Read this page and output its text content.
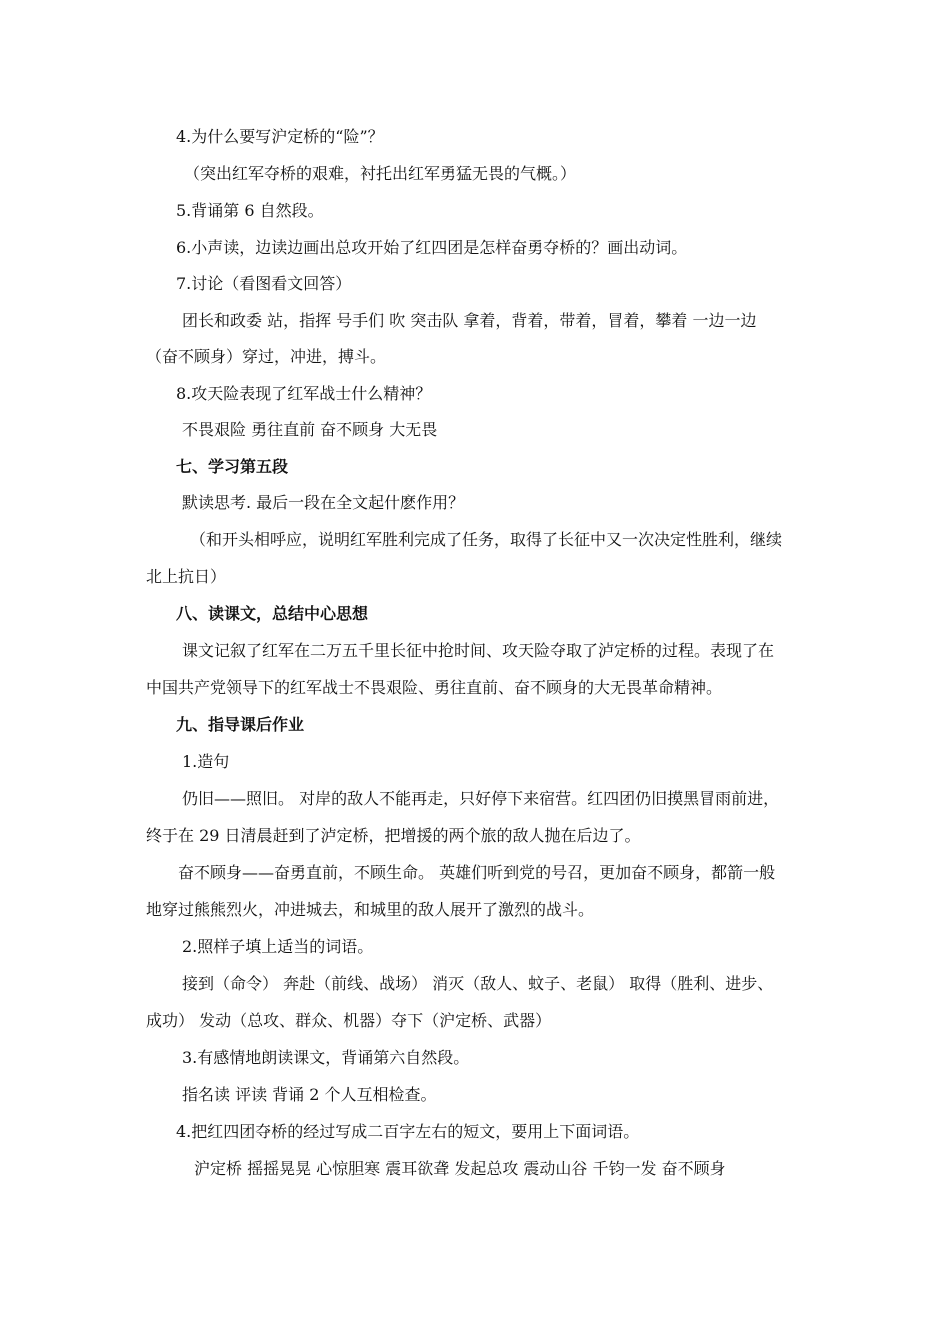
4.为什么要写沪定桥的“险”？
（突出红军夺桥的艰难，衬托出红军勇猛无畏的气概。）
5.背诵第 6 自然段。
6.小声读，边读边画出总攻开始了红四团是怎样奋勇夺桥的？画出动词。
7.讨论（看图看文回答）
团长和政委 站，指挥 号手们 吹 突击队 拿着，背着，带着，冒着，攀着 一边一边
（奋不顾身）穿过，冲进，搏斗。
8.攻天险表现了红军战士什么精神？
不畏艰险 勇往直前 奋不顾身 大无畏
七、学习第五段
默读思考. 最后一段在全文起什麽作用？
（和开头相呼应，说明红军胜利完成了任务，取得了长征中又一次决定性胜利，继续
北上抗日）
八、读课文，总结中心思想
课文记叙了红军在二万五千里长征中抢时间、攻天险夺取了泸定桥的过程。表现了在
中国共产党领导下的红军战士不畏艰险、勇往直前、奋不顾身的大无畏革命精神。
九、指导课后作业
1.造句
仍旧——照旧。 对岸的敌人不能再走，只好停下来宿营。红四团仍旧摸黑冒雨前进，
终于在 29 日清晨赶到了泸定桥，把增援的两个旅的敌人抛在后边了。
奋不顾身——奋勇直前，不顾生命。 英雄们听到党的号召，更加奋不顾身，都箭一般
地穿过熊熊烈火，冲进城去，和城里的敌人展开了激烈的战斗。
2.照样子填上适当的词语。
接到（命令） 奔赴（前线、战场） 消灭（敌人、蚊子、老鼠） 取得（胜利、进步、
成功） 发动（总攻、群众、机器）夺下（沪定桥、武器）
3.有感情地朗读课文，背诵第六自然段。
指名读 评读 背诵 2 个人互相检查。
4.把红四团夺桥的经过写成二百字左右的短文，要用上下面词语。
沪定桥 摇摇晃晃 心惊胆寒 震耳欲聋 发起总攻 震动山谷 千钧一发 奋不顾身
